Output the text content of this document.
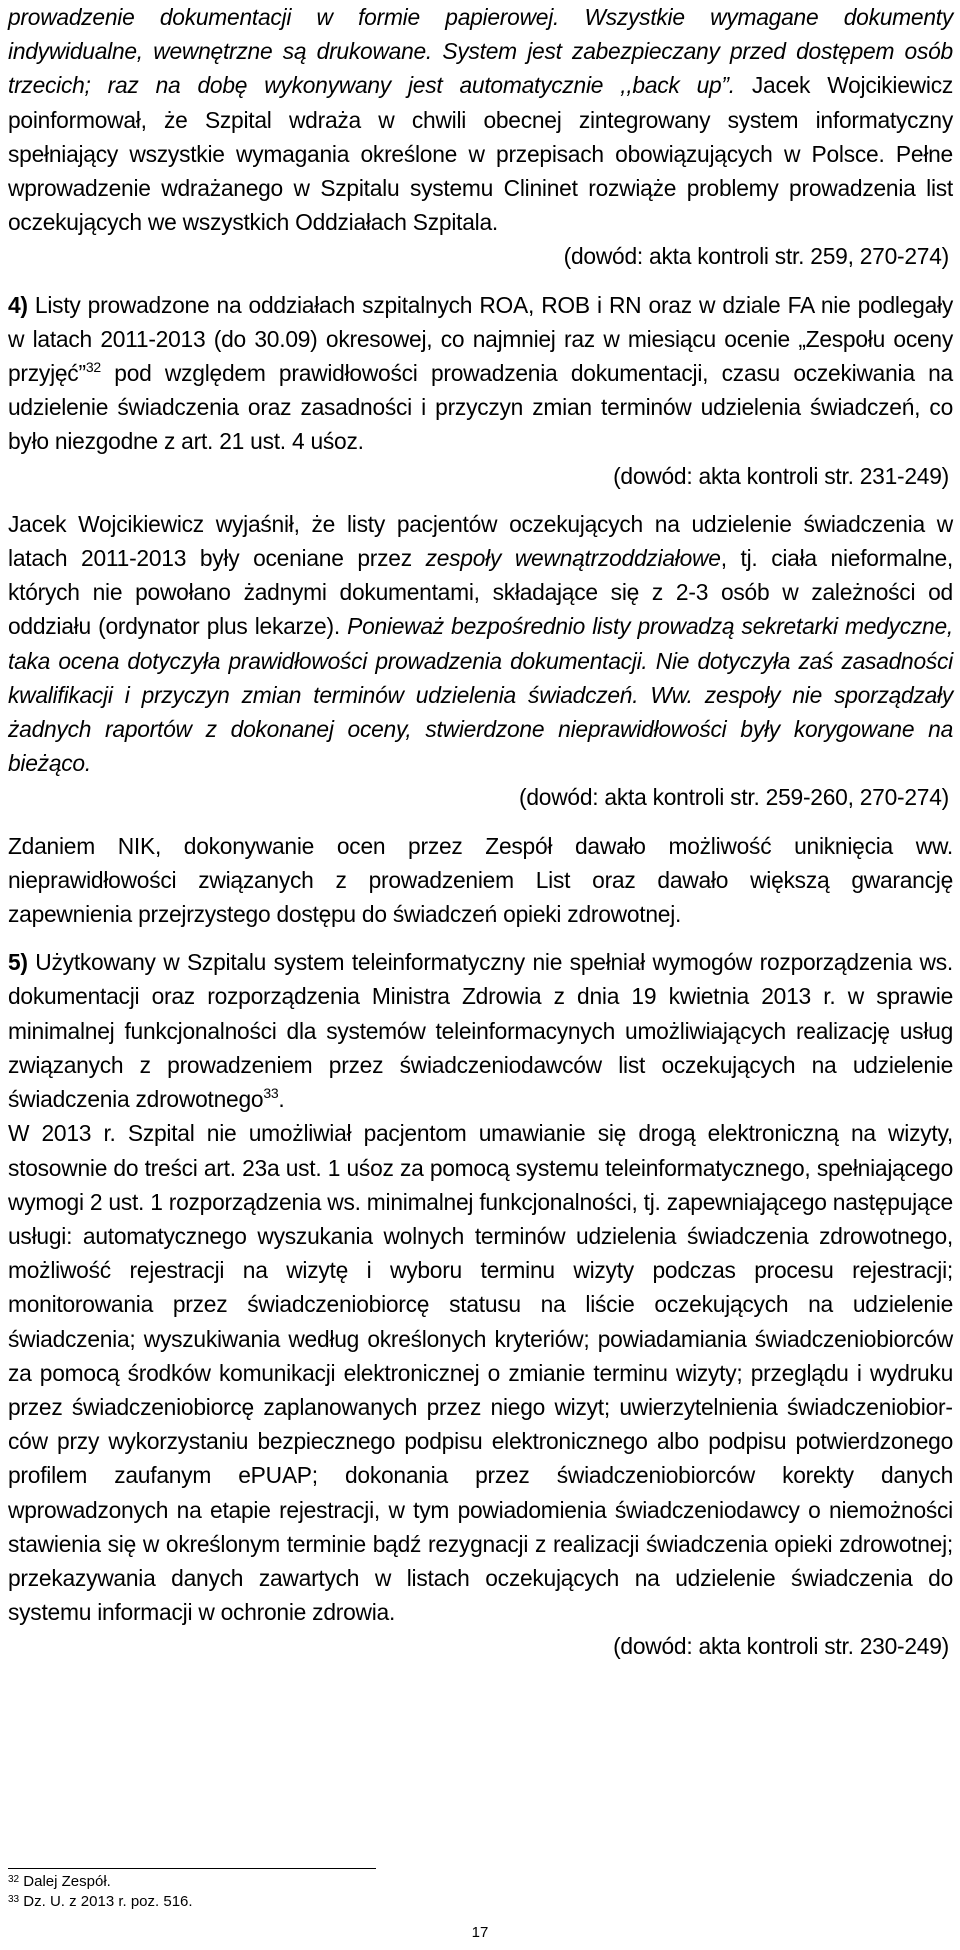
prowadzenie dokumentacji w formie papierowej. Wszystkie wymagane dokumenty indywidualne, wewnętrzne są drukowane. System jest zabezpieczany przed dostępem osób trzecich; raz na dobę wykonywany jest automatycznie ,,back up”. Jacek Wojcikiewicz poinformował, że Szpital wdraża w chwili obecnej zintegrowany system informatyczny spełniający wszystkie wymagania określone w przepisach obowiązujących w Polsce. Pełne wprowadzenie wdrażanego w Szpitalu systemu Clininet rozwiąże problemy prowadzenia list oczekujących we wszystkich Oddziałach Szpitala.

(dowód: akta kontroli str. 259, 270-274)

4) Listy prowadzone na oddziałach szpitalnych ROA, ROB i RN oraz w dziale FA nie podlegały w latach 2011-2013 (do 30.09) okresowej, co najmniej raz w miesiącu ocenie „Zespołu oceny przyjęć”$^{32}$ pod względem prawidłowości prowadzenia dokumentacji, czasu oczekiwania na udzielenie świadczenia oraz zasadności i przyczyn zmian terminów udzielenia świadczeń, co było niezgodne z art. 21 ust. 4 uśoz.

(dowód: akta kontroli str. 231-249)

Jacek Wojcikiewicz wyjaśnił, że listy pacjentów oczekujących na udzielenie świadczenia w latach 2011-2013 były oceniane przez zespoły wewnątrzoddziałowe, tj. ciała nieformalne, których nie powołano żadnymi dokumentami, składające się z 2-3 osób w zależności od oddziału (ordynator plus lekarze). Ponieważ bezpośrednio listy prowadzą sekretarki medyczne, taka ocena dotyczyła prawidłowości prowadzenia dokumentacji. Nie dotyczyła zaś zasadności kwalifikacji i przyczyn zmian terminów udzielenia świadczeń. Ww. zespoły nie sporządzały żadnych raportów z dokonanej oceny, stwierdzone nieprawidłowości były korygowane na bieżąco.

(dowód: akta kontroli str. 259-260, 270-274)

Zdaniem NIK, dokonywanie ocen przez Zespół dawało możliwość uniknięcia ww. nieprawidłowości związanych z prowadzeniem List oraz dawało większą gwarancję zapewnienia przejrzystego dostępu do świadczeń opieki zdrowotnej.

5) Użytkowany w Szpitalu system teleinformatyczny nie spełniał wymogów rozporządzenia ws. dokumentacji oraz rozporządzenia Ministra Zdrowia z dnia 19 kwietnia 2013 r. w sprawie minimalnej funkcjonalności dla systemów teleinformacynych umożliwiających realizację usług związanych z prowadzeniem przez świadczeniodawców list oczekujących na udzielenie świadczenia zdrowotnego$^{33}$.

W 2013 r. Szpital nie umożliwiał pacjentom umawianie się drogą elektroniczną na wizyty, stosownie do treści art. 23a ust. 1 uśoz za pomocą systemu teleinformatycznego, spełniającego wymogi 2 ust. 1 rozporządzenia ws. minimalnej funkcjonalności, tj. zapewniającego następujące usługi: automatycznego wyszukania wolnych terminów udzielenia świadczenia zdrowotnego, możliwość rejestracji na wizytę i wyboru terminu wizyty podczas procesu rejestracji; monitorowania przez świadczeniobiorcę statusu na liście oczekujących na udzielenie świadczenia; wyszukiwania według określonych kryteriów; powiadamiania świadczeniobiorców za pomocą środków komunikacji elektronicznej o zmianie terminu wizyty; przeglądu i wydruku przez świadczeniobiorcę zaplanowanych przez niego wizyt; uwierzytelnienia świadczeniobiorców przy wykorzystaniu bezpiecznego podpisu elektronicznego albo podpisu potwierdzonego profilem zaufanym ePUAP; dokonania przez świadczeniobiorców korekty danych wprowadzonych na etapie rejestracji, w tym powiadomienia świadczeniodawcy o niemożności stawienia się w określonym terminie bądź rezygnacji z realizacji świadczenia opieki zdrowotnej; przekazywania danych zawartych w listach oczekujących na udzielenie świadczenia do systemu informacji w ochronie zdrowia.

(dowód: akta kontroli str. 230-249)

$^{32}$ Dalej Zespół.
$^{33}$ Dz. U. z 2013 r. poz. 516.
17
